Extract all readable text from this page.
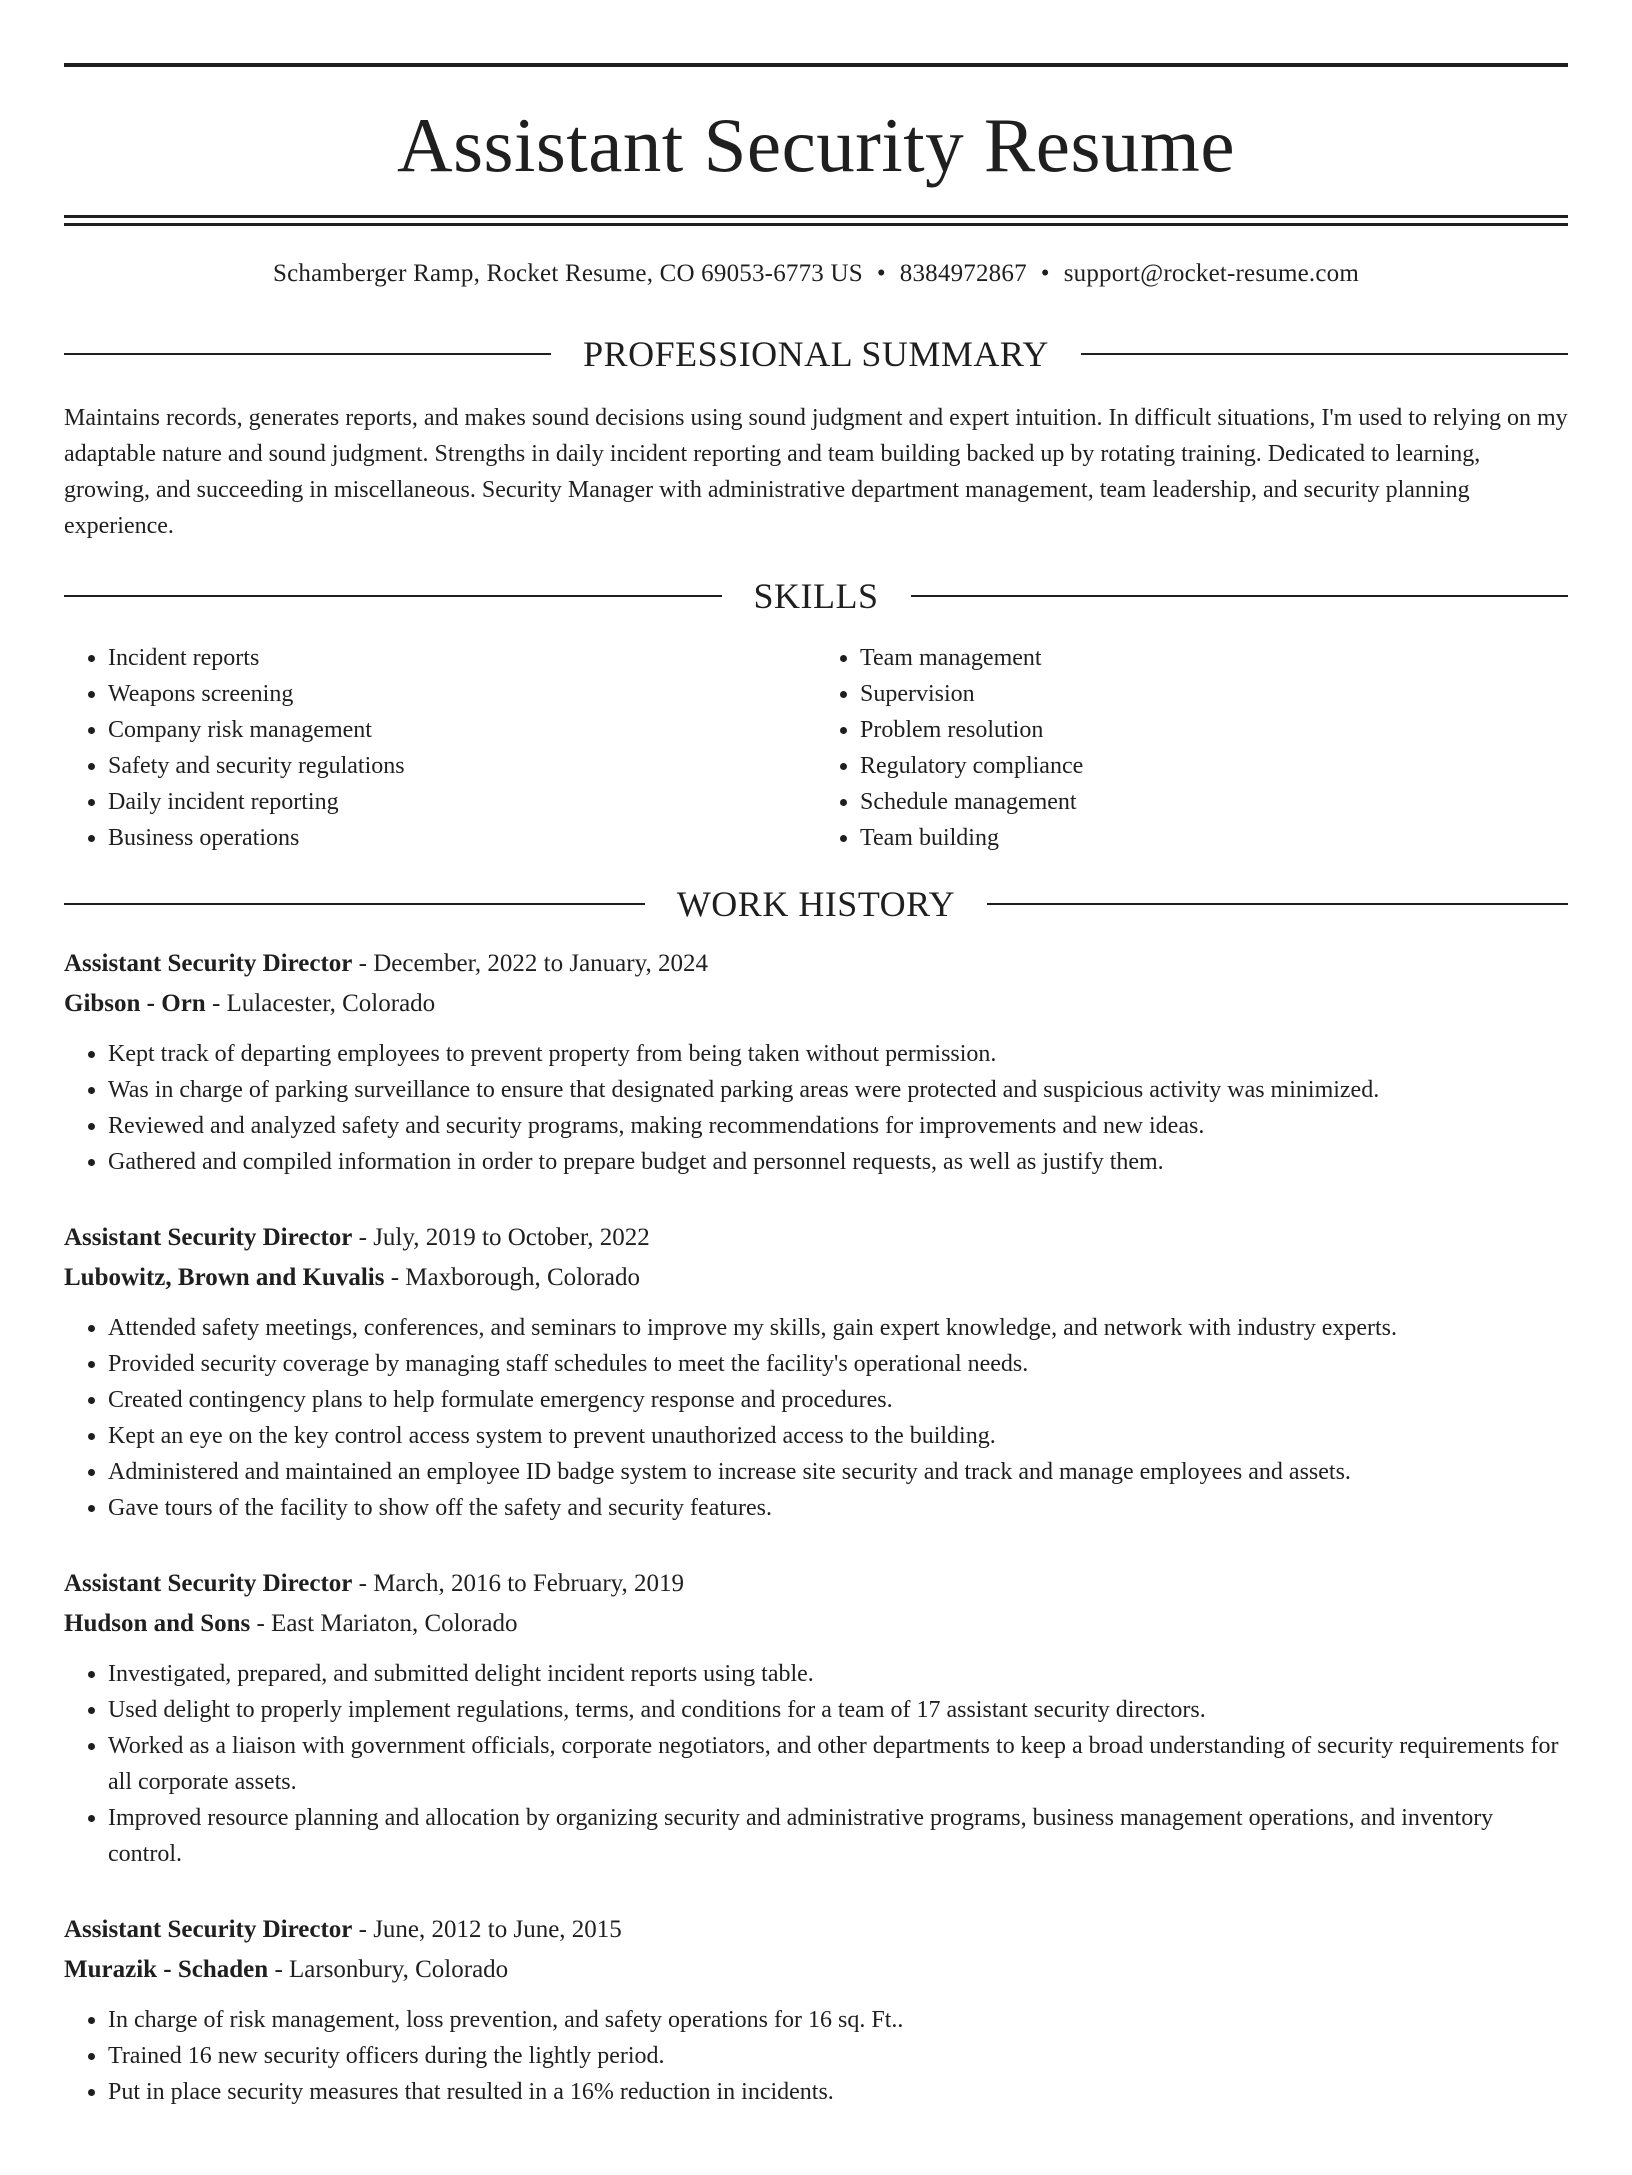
Assistant Security Resume
Schamberger Ramp, Rocket Resume, CO 69053-6773 US • 8384972867 • support@rocket-resume.com
PROFESSIONAL SUMMARY

Maintains records, generates reports, and makes sound decisions using sound judgment and expert intuition. In difficult situations, I'm used to relying on my adaptable nature and sound judgment. Strengths in daily incident reporting and team building backed up by rotating training. Dedicated to learning, growing, and succeeding in miscellaneous. Security Manager with administrative department management, team leadership, and security planning experience.

SKILLS
• Incident reports
• Weapons screening
• Company risk management
• Safety and security regulations
• Daily incident reporting
• Business operations
• Team management
• Supervision
• Problem resolution
• Regulatory compliance
• Schedule management
• Team building
WORK HISTORY
Assistant Security Director - December, 2022 to January, 2024
Gibson - Orn - Lulacester, Colorado
• Kept track of departing employees to prevent property from being taken without permission.
• Was in charge of parking surveillance to ensure that designated parking areas were protected and suspicious activity was minimized.
• Reviewed and analyzed safety and security programs, making recommendations for improvements and new ideas.
• Gathered and compiled information in order to prepare budget and personnel requests, as well as justify them.
Assistant Security Director - July, 2019 to October, 2022
Lubowitz, Brown and Kuvalis - Maxborough, Colorado
• Attended safety meetings, conferences, and seminars to improve my skills, gain expert knowledge, and network with industry experts.
• Provided security coverage by managing staff schedules to meet the facility's operational needs.
• Created contingency plans to help formulate emergency response and procedures.
• Kept an eye on the key control access system to prevent unauthorized access to the building.
• Administered and maintained an employee ID badge system to increase site security and track and manage employees and assets.
• Gave tours of the facility to show off the safety and security features.
Assistant Security Director - March, 2016 to February, 2019
Hudson and Sons - East Mariaton, Colorado
• Investigated, prepared, and submitted delight incident reports using table.
• Used delight to properly implement regulations, terms, and conditions for a team of 17 assistant security directors.
• Worked as a liaison with government officials, corporate negotiators, and other departments to keep a broad understanding of security requirements for all corporate assets.
• Improved resource planning and allocation by organizing security and administrative programs, business management operations, and inventory control.
Assistant Security Director - June, 2012 to June, 2015
Murazik - Schaden - Larsonbury, Colorado
• In charge of risk management, loss prevention, and safety operations for 16 sq. Ft..
• Trained 16 new security officers during the lightly period.
• Put in place security measures that resulted in a 16% reduction in incidents.
